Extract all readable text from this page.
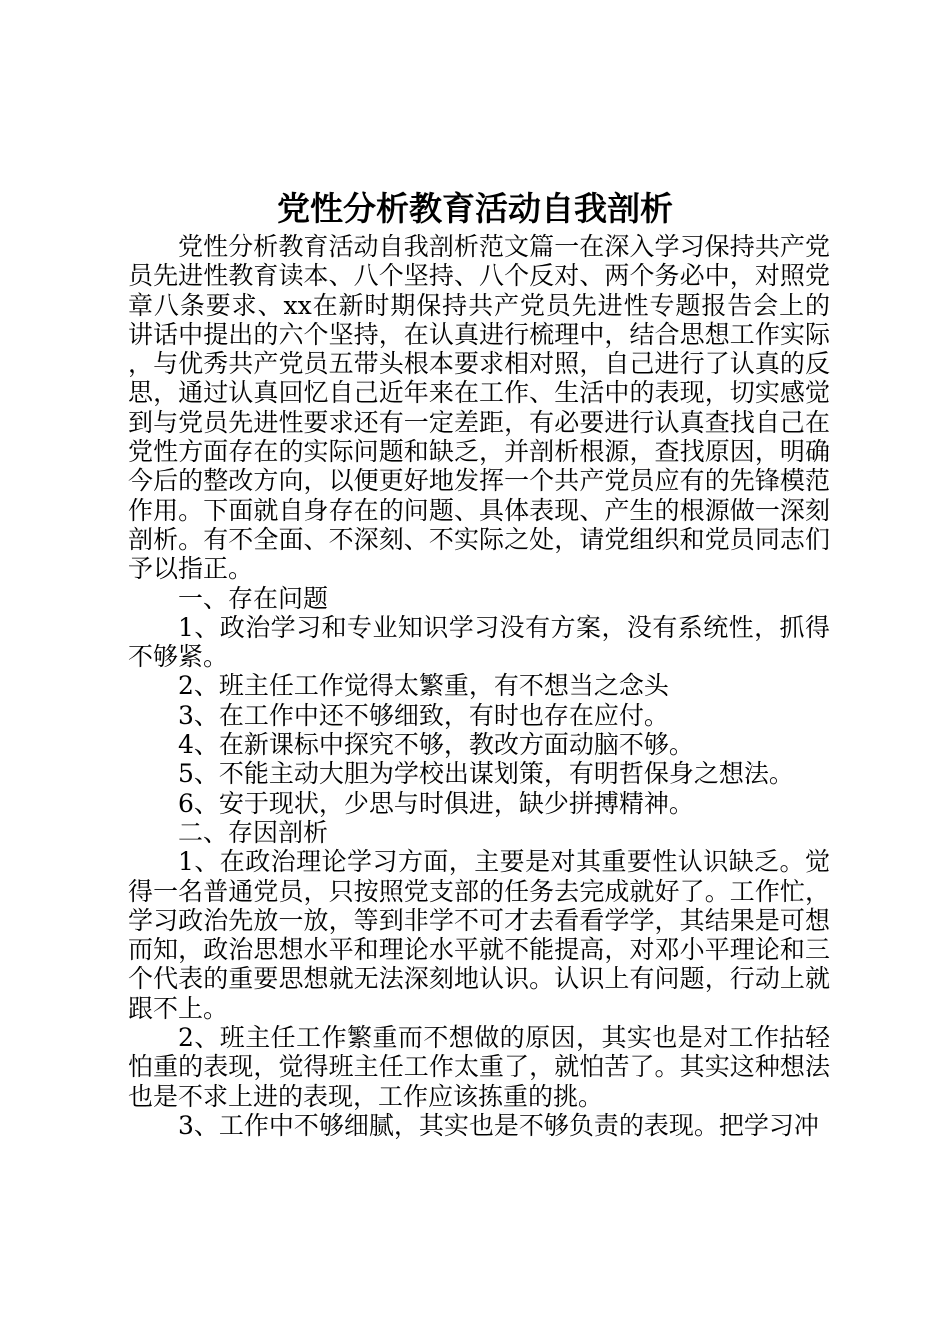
党性分析教育活动自我剖析

党性分析教育活动自我剖析范文篇一在深入学习保持共产党员先进性教育读本、八个坚持、八个反对、两个务必中，对照党章八条要求、xx在新时期保持共产党员先进性专题报告会上的讲话中提出的六个坚持，在认真进行梳理中，结合思想工作实际，与优秀共产党员五带头根本要求相对照，自己进行了认真的反思，通过认真回忆自己近年来在工作、生活中的表现，切实感觉到与党员先进性要求还有一定差距，有必要进行认真查找自己在党性方面存在的实际问题和缺乏，并剖析根源，查找原因，明确今后的整改方向，以便更好地发挥一个共产党员应有的先锋模范作用。下面就自身存在的问题、具体表现、产生的根源做一深刻剖析。有不全面、不深刻、不实际之处，请党组织和党员同志们予以指正。

一、存在问题

1、政治学习和专业知识学习没有方案，没有系统性，抓得不够紧。

2、班主任工作觉得太繁重，有不想当之念头

3、在工作中还不够细致，有时也存在应付。

4、在新课标中探究不够，教改方面动脑不够。

5、不能主动大胆为学校出谋划策，有明哲保身之想法。

6、安于现状，少思与时俱进，缺少拼搏精神。

二、存因剖析

1、在政治理论学习方面，主要是对其重要性认识缺乏。觉得一名普通党员，只按照党支部的任务去完成就好了。工作忙，学习政治先放一放，等到非学不可才去看看学学，其结果是可想而知，政治思想水平和理论水平就不能提高，对邓小平理论和三个代表的重要思想就无法深刻地认识。认识上有问题，行动上就跟不上。

2、班主任工作繁重而不想做的原因，其实也是对工作拈轻怕重的表现，觉得班主任工作太重了，就怕苦了。其实这种想法也是不求上进的表现，工作应该拣重的挑。

3、工作中不够细腻，其实也是不够负责的表现。把学习冲
